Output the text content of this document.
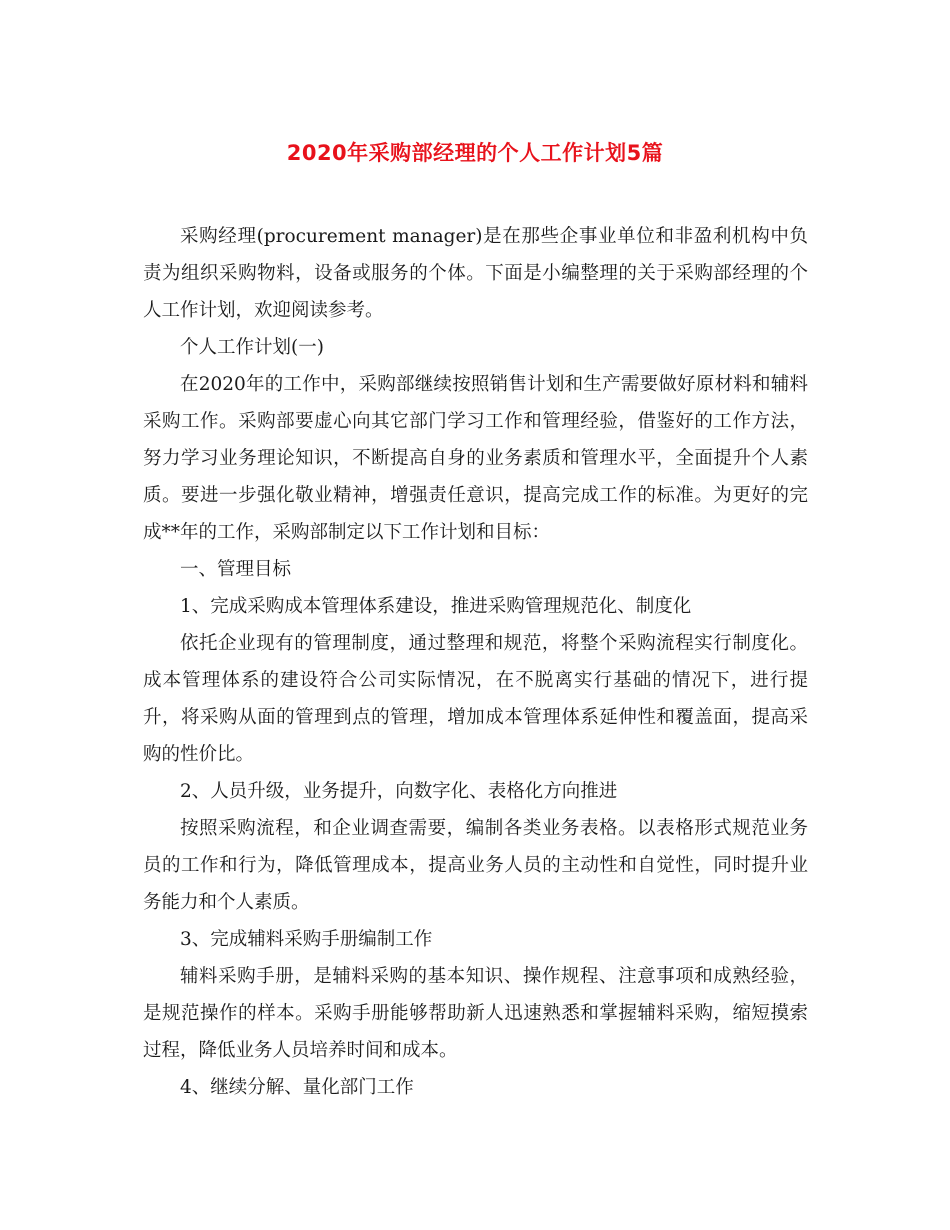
2020年采购部经理的个人工作计划5篇

采购经理(procurement manager)是在那些企事业单位和非盈利机构中负责为组织采购物料，设备或服务的个体。下面是小编整理的关于采购部经理的个人工作计划，欢迎阅读参考。

个人工作计划(一)

在2020年的工作中，采购部继续按照销售计划和生产需要做好原材料和辅料采购工作。采购部要虚心向其它部门学习工作和管理经验，借鉴好的工作方法，努力学习业务理论知识，不断提高自身的业务素质和管理水平，全面提升个人素质。要进一步强化敬业精神，增强责任意识，提高完成工作的标准。为更好的完成**年的工作，采购部制定以下工作计划和目标：

一、管理目标

1、完成采购成本管理体系建设，推进采购管理规范化、制度化

依托企业现有的管理制度，通过整理和规范，将整个采购流程实行制度化。成本管理体系的建设符合公司实际情况，在不脱离实行基础的情况下，进行提升，将采购从面的管理到点的管理，增加成本管理体系延伸性和覆盖面，提高采购的性价比。

2、人员升级，业务提升，向数字化、表格化方向推进

按照采购流程，和企业调查需要，编制各类业务表格。以表格形式规范业务员的工作和行为，降低管理成本，提高业务人员的主动性和自觉性，同时提升业务能力和个人素质。

3、完成辅料采购手册编制工作

辅料采购手册，是辅料采购的基本知识、操作规程、注意事项和成熟经验，是规范操作的样本。采购手册能够帮助新人迅速熟悉和掌握辅料采购，缩短摸索过程，降低业务人员培养时间和成本。

4、继续分解、量化部门工作
